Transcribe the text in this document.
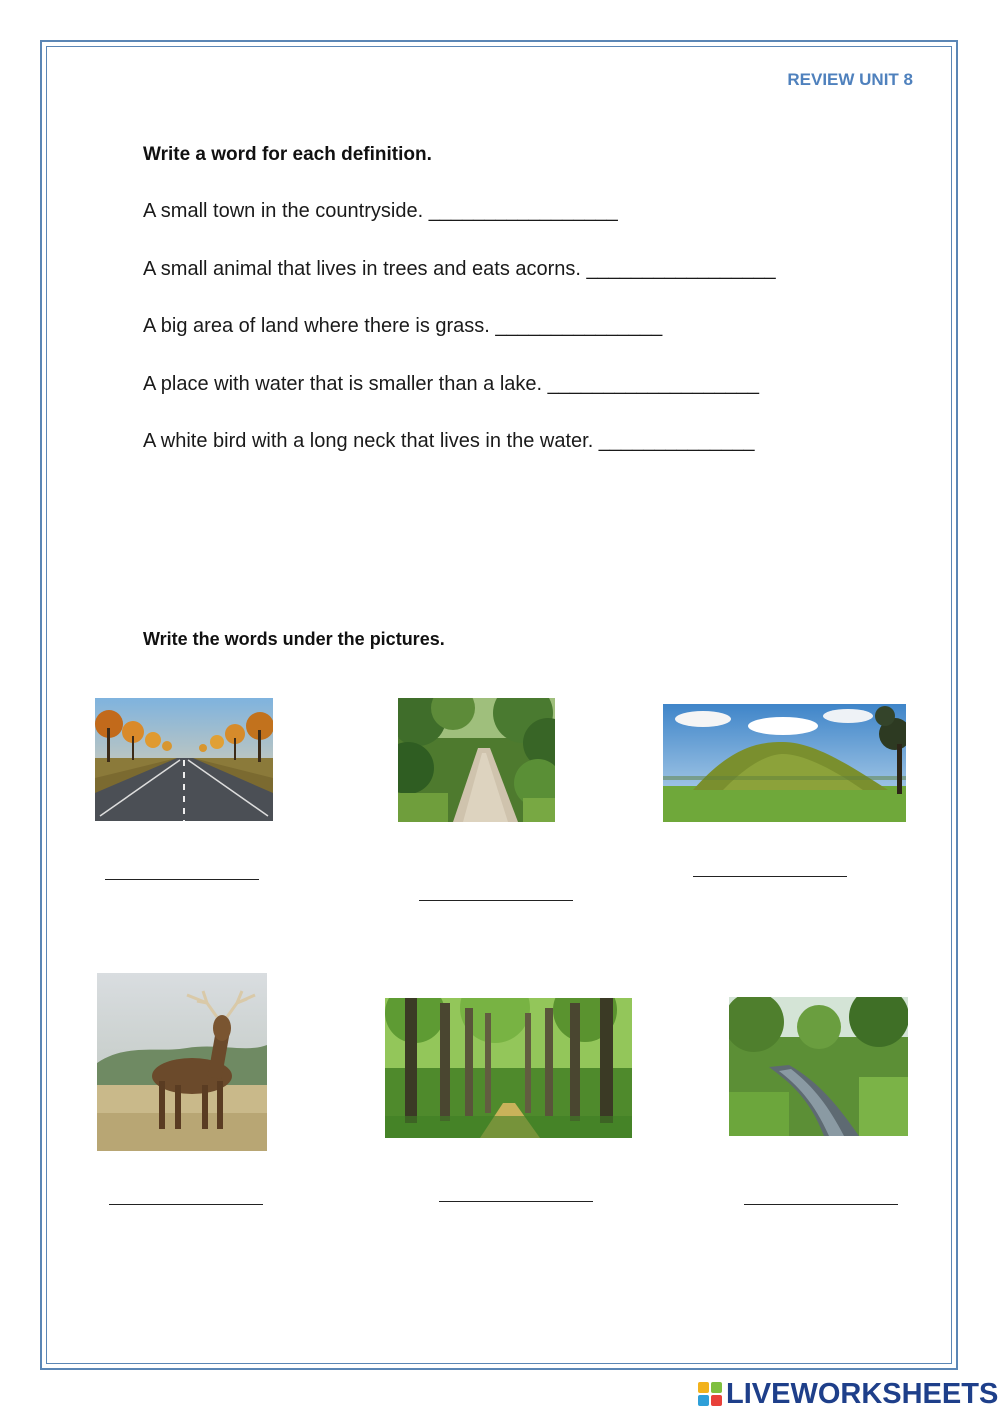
REVIEW UNIT 8
Write a word for each definition.
A small town in the countryside. _________________
A small animal that lives in trees and eats acorns. _________________
A big area of land where there is grass. _______________
A place with water that is smaller than a lake. ___________________
A white bird with a long neck that lives in the water. ______________
Write the words under the pictures.
LIVEWORKSHEETS
